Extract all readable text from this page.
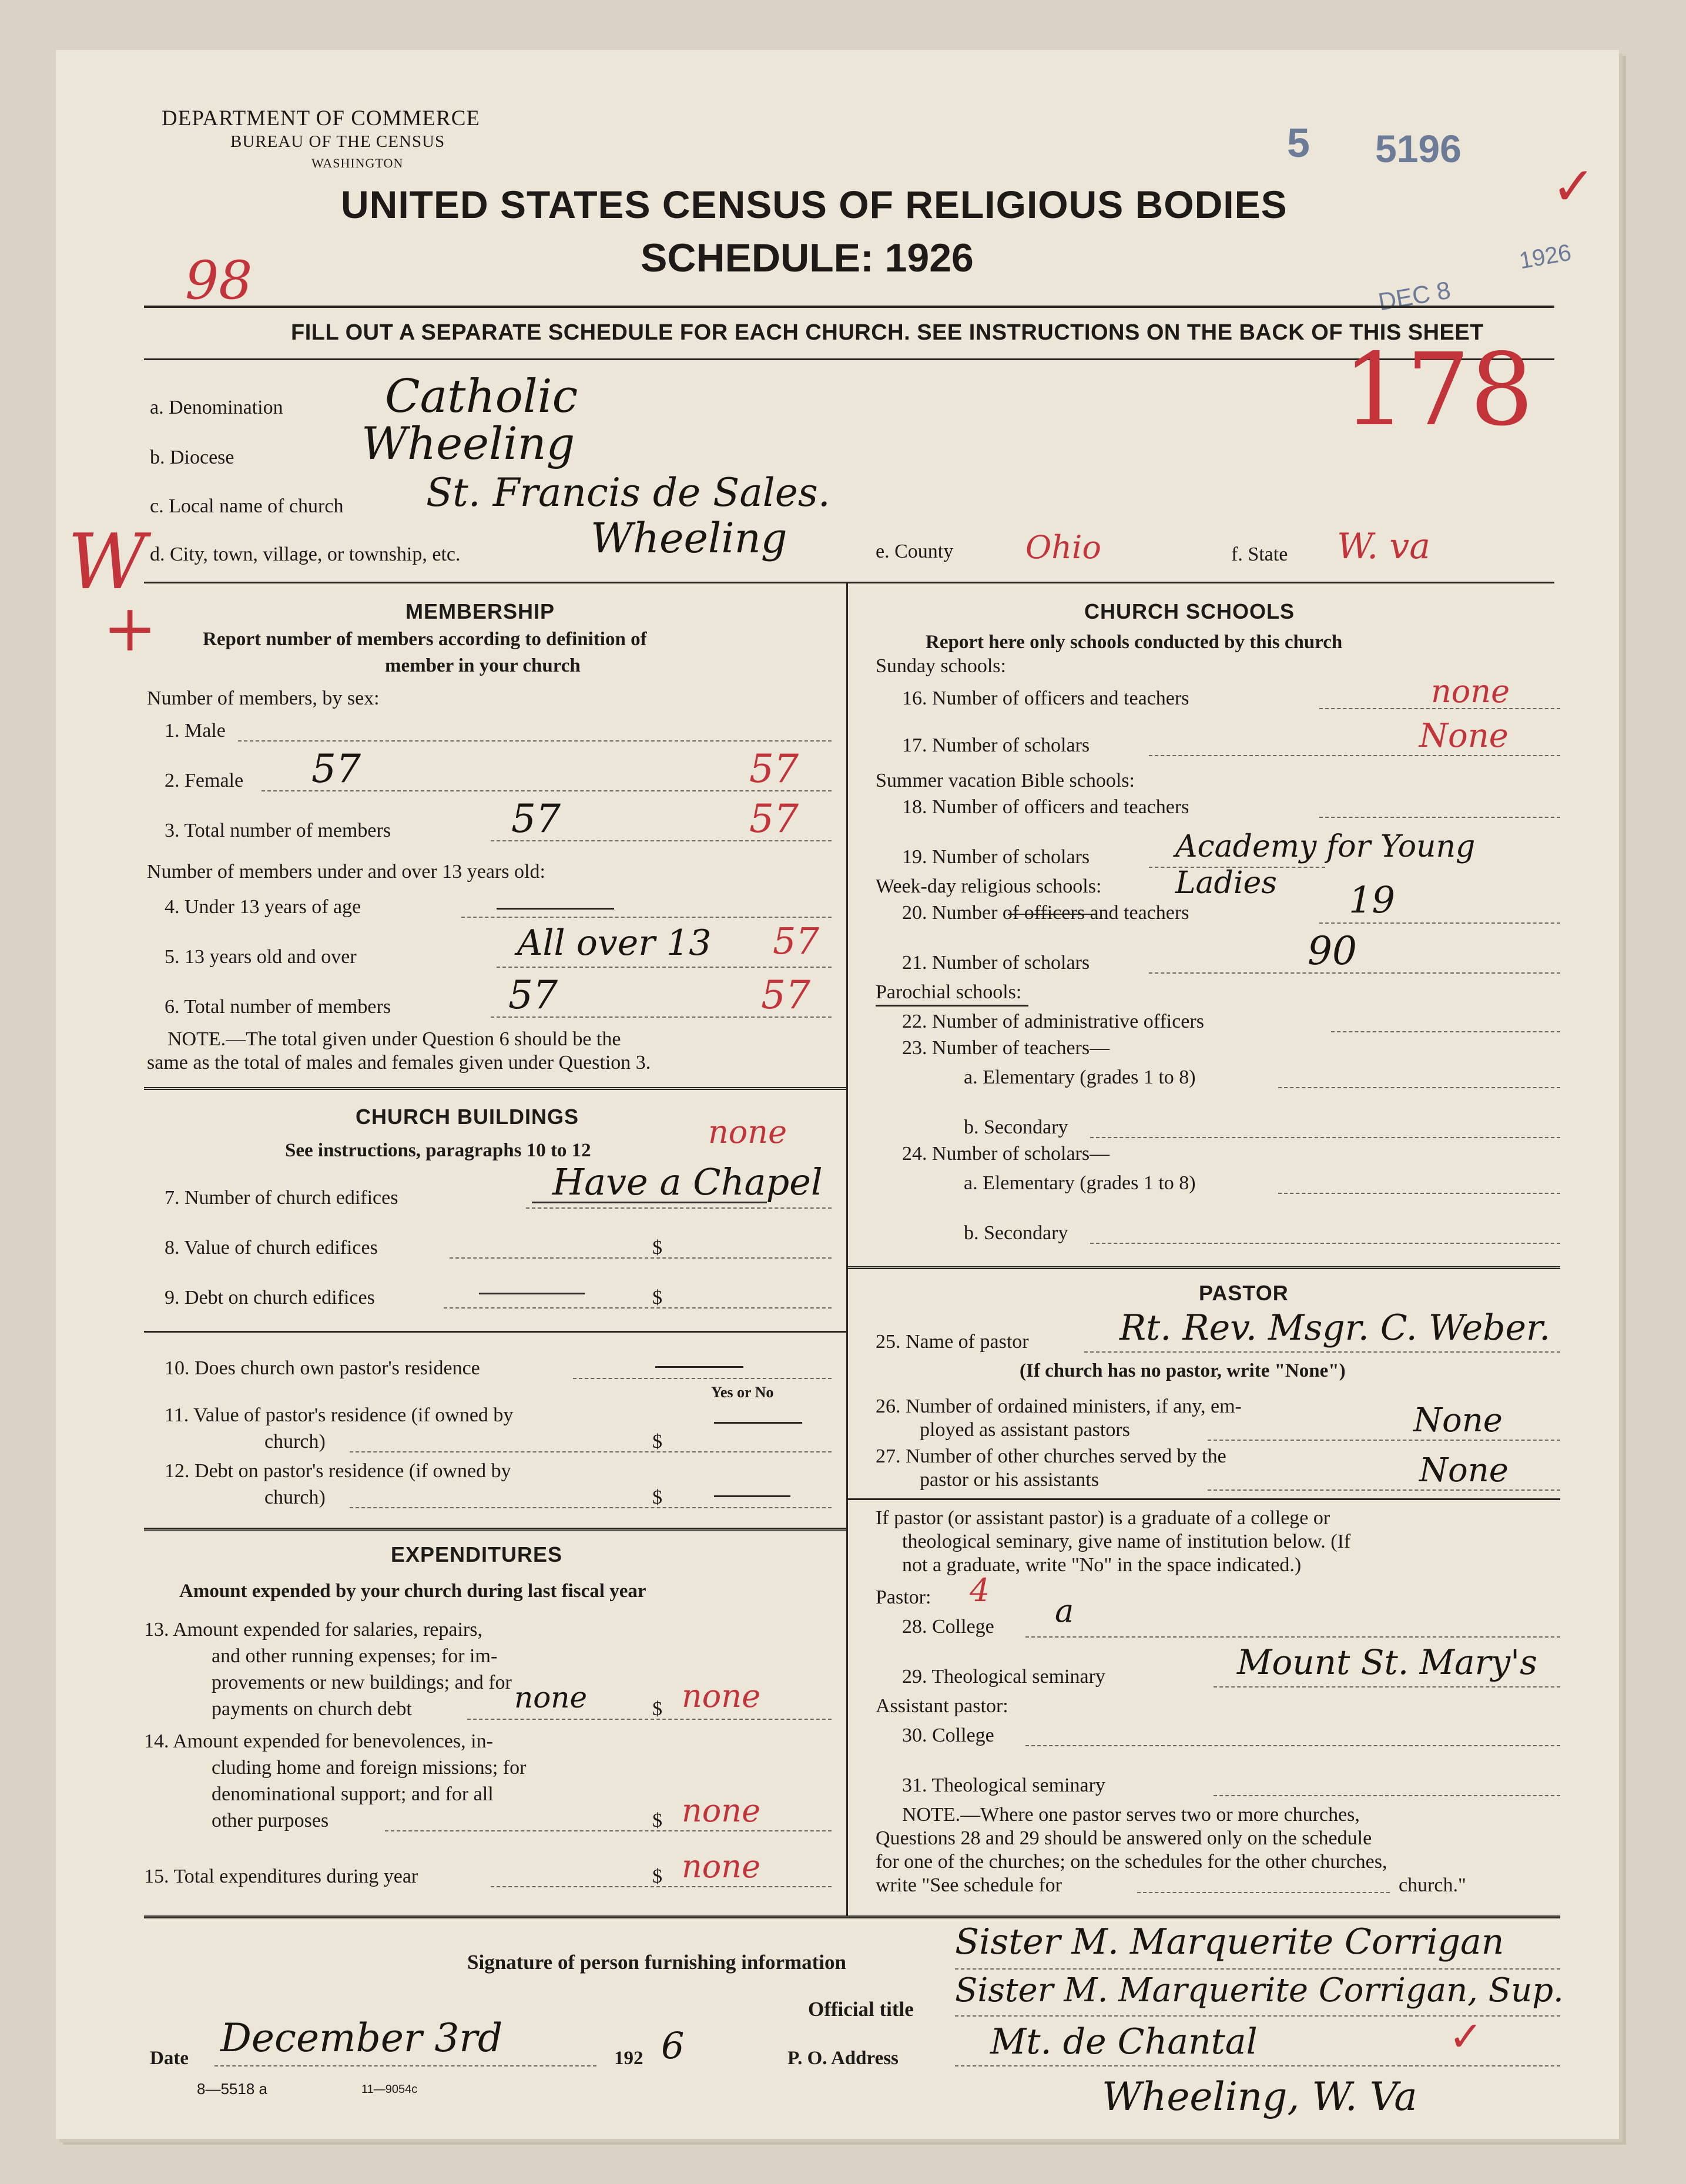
DEPARTMENT OF COMMERCE
BUREAU OF THE CENSUS
WASHINGTON
98
5 5196
✓
DEC 8
1926
UNITED STATES CENSUS OF RELIGIOUS BODIES
SCHEDULE: 1926
FILL OUT A SEPARATE SCHEDULE FOR EACH CHURCH. SEE INSTRUCTIONS ON THE BACK OF THIS SHEET
a. Denomination Catholic	178
b. Diocese	Wheeling
c. Local name of church St. Francis de Sales.
W
+
d. City, town, village, or township, etc.	Wheeling	e. County Ohio	f. State W. va
MEMBERSHIP
Report number of members according to definition of
member in your church
Number of members, by sex:
1. Male
2. Female 57	57
3. Total number of members	57	57
Number of members under and over 13 years old:
4. Under 13 years of age
5. 13 years old and over	All over 13 57
6. Total number of members	57	57
NOTE.—The total given under Question 6 should be the
same as the total of males and females given under Question 3.
CHURCH BUILDINGS
See instructions, paragraphs 10 to 12	none
7. Number of church edifices	Have a Chapel
8. Value of church edifices	$
9. Debt on church edifices	$
10. Does church own pastor's residence
Yes or No
11. Value of pastor's residence (if owned by
church)	$
12. Debt on pastor's residence (if owned by
church)	$
EXPENDITURES
Amount expended by your church during last fiscal year
13. Amount expended for salaries, repairs,
and other running expenses; for im-
provements or new buildings; and for
payments on church debt	none	$ none
14. Amount expended for benevolences, in-
cluding home and foreign missions; for
denominational support; and for all
other purposes	$ none
15. Total expenditures during year	$ none
CHURCH SCHOOLS
Report here only schools conducted by this church
Sunday schools:
16. Number of officers and teachers	none
17. Number of scholars	None
Summer vacation Bible schools:
18. Number of officers and teachers
19. Number of scholars	Academy for Young Ladies
Week-day religious schools:
20. Number of officers and teachers	19
21. Number of scholars	90
Parochial schools:
22. Number of administrative officers
23. Number of teachers—
a. Elementary (grades 1 to 8)
b. Secondary
24. Number of scholars—
a. Elementary (grades 1 to 8)
b. Secondary
PASTOR
25. Name of pastor	Rt. Rev. Msgr. C. Weber.
(If church has no pastor, write "None")
26. Number of ordained ministers, if any, em-
ployed as assistant pastors	None
27. Number of other churches served by the
pastor or his assistants	None
If pastor (or assistant pastor) is a graduate of a college or
theological seminary, give name of institution below. (If
not a graduate, write "No" in the space indicated.)
Pastor: 4
28. College a
29. Theological seminary	Mount St. Mary's
Assistant pastor:
30. College
31. Theological seminary
NOTE.—Where one pastor serves two or more churches,
Questions 28 and 29 should be answered only on the schedule
for one of the churches; on the schedules for the other churches,
write "See schedule for	church."
Signature of person furnishing information	Sister M. Marquerite Corrigan
Official title Sister M. Marquerite Corrigan, Sup.
Date December 3rd	192 6	P. O. Address	Mt. de Chantal	✓
Wheeling, W. Va
8—5518 a	11—9054c
